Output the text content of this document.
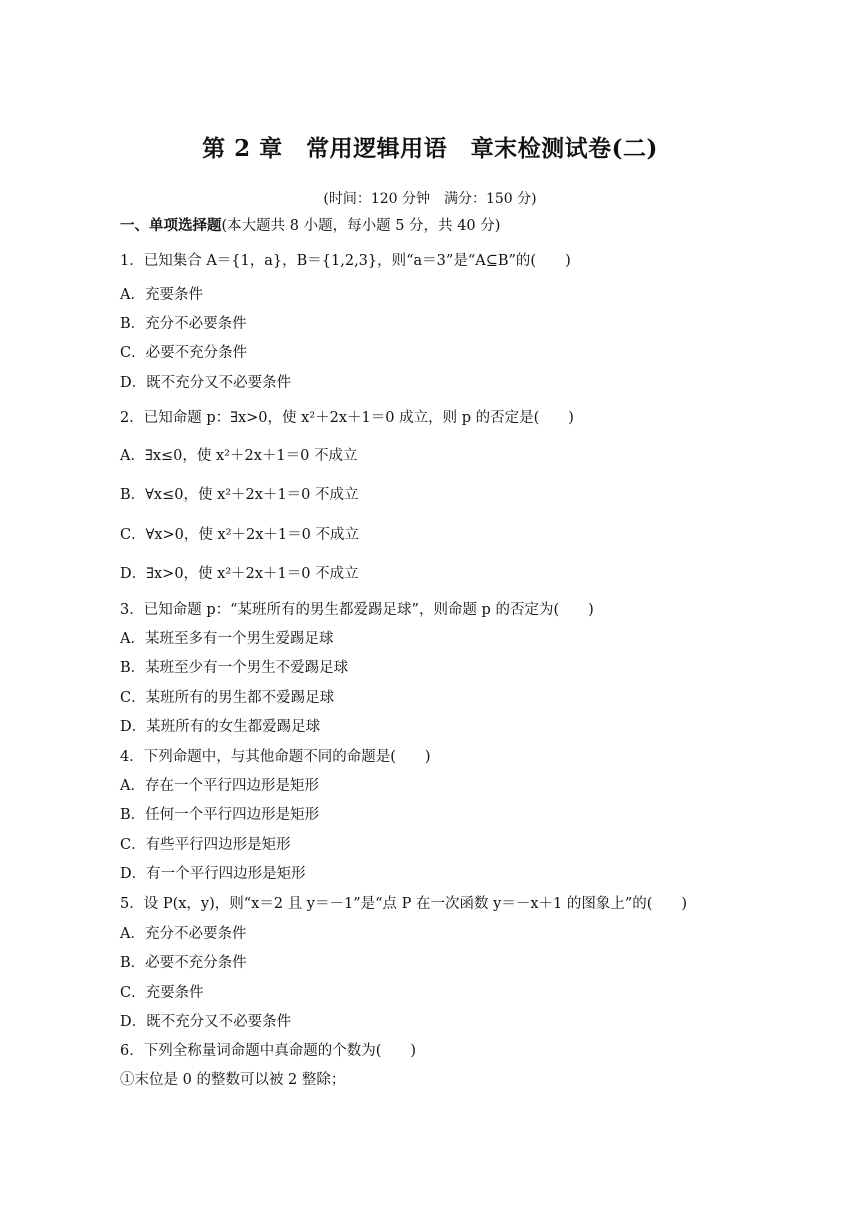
第 2 章　常用逻辑用语　章末检测试卷(二)
(时间：120 分钟　满分：150 分)
一、单项选择题(本大题共 8 小题，每小题 5 分，共 40 分)
1．已知集合 A＝{1，a}，B＝{1,2,3}，则“a＝3”是“A⊆B”的(　　)
A．充要条件
B．充分不必要条件
C．必要不充分条件
D．既不充分又不必要条件
2．已知命题 p：∃x>0，使 x²＋2x＋1＝0 成立，则 p 的否定是(　　)
A．∃x≤0，使 x²＋2x＋1＝0 不成立
B．∀x≤0，使 x²＋2x＋1＝0 不成立
C．∀x>0，使 x²＋2x＋1＝0 不成立
D．∃x>0，使 x²＋2x＋1＝0 不成立
3．已知命题 p：“某班所有的男生都爱踢足球”，则命题 p 的否定为(　　)
A．某班至多有一个男生爱踢足球
B．某班至少有一个男生不爱踢足球
C．某班所有的男生都不爱踢足球
D．某班所有的女生都爱踢足球
4．下列命题中，与其他命题不同的命题是(　　)
A．存在一个平行四边形是矩形
B．任何一个平行四边形是矩形
C．有些平行四边形是矩形
D．有一个平行四边形是矩形
5．设 P(x，y)，则“x＝2 且 y＝－1”是“点 P 在一次函数 y＝－x＋1 的图象上”的(　　)
A．充分不必要条件
B．必要不充分条件
C．充要条件
D．既不充分又不必要条件
6．下列全称量词命题中真命题的个数为(　　)
①末位是 0 的整数可以被 2 整除；
